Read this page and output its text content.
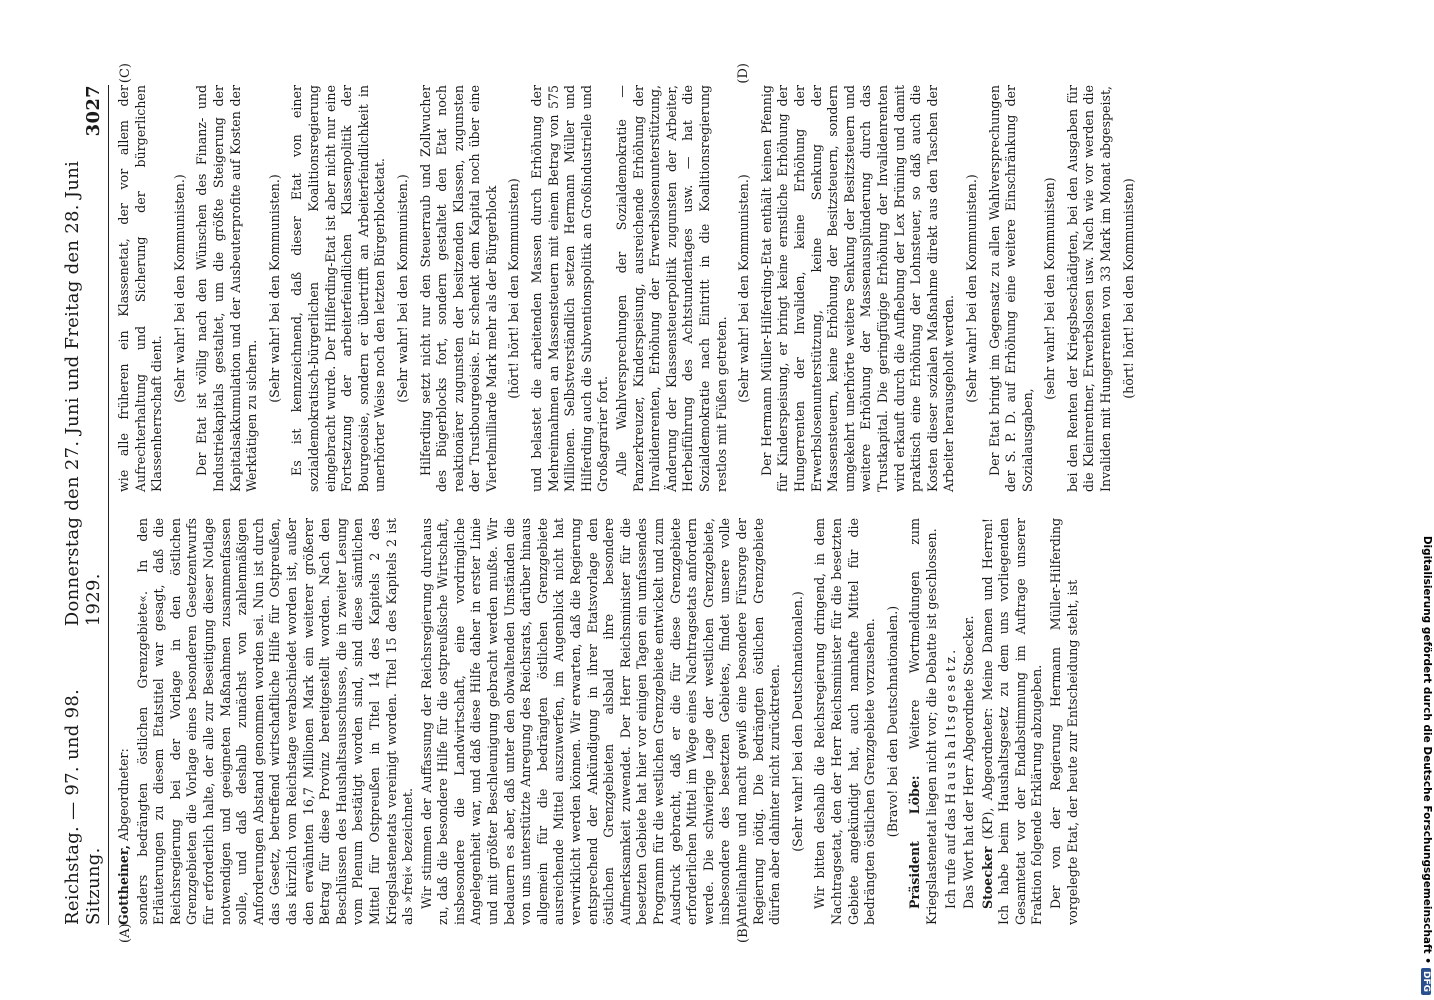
Reichstag. — 97. und 98. Sitzung.
Donnerstag den 27. Juni und Freitag den 28. Juni 1929.
3027
(A)	(B)

Gottheiner, Abgeordneter: sonders bedrängten östlichen Grenzgebiete«. In den Erläuterungen zu diesem Etatstitel war gesagt, daß die Reichsregierung bei der Vorlage in den östlichen Grenzgebieten die Vorlage eines besonderen Gesetzentwurfs für erforderlich halte, der alle zur Beseitigung dieser Notlage notwendigen und geeigneten Maßnahmen zusammenfassen solle, und daß deshalb zunächst von zahlenmäßigen Anforderungen Abstand genommen worden sei. Nun ist durch das Gesetz, betreffend wirtschaftliche Hilfe für Ostpreußen, das kürzlich vom Reichstage verabschiedet worden ist, außer den erwähnten 16,7 Millionen Mark ein weiterer größerer Betrag für diese Provinz bereitgestellt worden. Nach den Beschlüssen des Haushaltsausschusses, die in zweiter Lesung vom Plenum bestätigt worden sind, sind diese sämtlichen Mittel für Ostpreußen in Titel 14 des Kapitels 2 des Kriegslastenetats vereinigt worden. Titel 15 des Kapitels 2 ist als »frei« bezeichnet. Wir stimmen der Auffassung der Reichsregierung durchaus zu, daß die besondere Hilfe für die ostpreußische Wirtschaft, insbesondere die Landwirtschaft, eine vordringliche Angelegenheit war, und daß diese Hilfe daher in erster Linie und mit größter Beschleunigung gebracht werden mußte. Wir bedauern es aber, daß unter den obwaltenden Umständen die von uns unterstützte Anregung des Reichsrats, darüber hinaus allgemein für die bedrängten östlichen Grenzgebiete ausreichende Mittel auszuwerfen, im Augenblick nicht hat verwirklicht werden können. Wir erwarten, daß die Regierung entsprechend der Ankündigung in ihrer Etatsvorlage den östlichen Grenzgebieten alsbald ihre besondere Aufmerksamkeit zuwendet. Der Herr Reichsminister für die besetzten Gebiete hat hier vor einigen Tagen ein umfassendes Programm für die westlichen Grenzgebiete entwickelt und zum Ausdruck gebracht, daß er die für diese Grenzgebiete erforderlichen Mittel im Wege eines Nachtragsetats anfordern werde. Die schwierige Lage der westlichen Grenzgebiete, insbesondere des besetzten Gebietes, findet unsere volle Anteilnahme und macht gewiß eine besondere Fürsorge der Regierung nötig. Die bedrängten östlichen Grenzgebiete dürfen aber dahinter nicht zurücktreten. (Sehr wahr! bei den Deutschnationalen.) Wir bitten deshalb die Reichsregierung dringend, in dem Nachtragsetat, den der Herr Reichsminister für die besetzten Gebiete angekündigt hat, auch namhafte Mittel für die bedrängten östlichen Grenzgebiete vorzusehen. (Bravo! bei den Deutschnationalen.)

Präsident Löbe: Weitere Wortmeldungen zum Kriegslastenetat liegen nicht vor; die Debatte ist geschlossen. Ich rufe auf das Haushaltsgesetz. Das Wort hat der Herr Abgeordnete Stoecker. Stoecker (KP), Abgeordneter: Meine Damen und Herren! Ich habe beim Haushaltsgesetz zu dem uns vorliegenden Gesamtetat vor der Endabstimmung im Auftrage unserer Fraktion folgende Erklärung abzugeben. Der von der Regierung Hermann Müller-Hilferding vorgelegte Etat, der heute zur Entscheidung steht, ist

(C)	(D)

wie alle früheren ein Klassenetat, der vor allem der Aufrechterhaltung und Sicherung der bürgerlichen Klassenherrschaft dient.

(Sehr wahr! bei den Kommunisten.) Der Etat ist völlig nach den Wünschen des Finanz- und Industriekapitals gestaltet, um die größte Steigerung der Kapitalsakkumulation und der Ausbeuterprofite auf Kosten der Werktätigen zu sichern.

(Sehr wahr! bei den Kommunisten.) Es ist kennzeichnend, daß dieser Etat von einer sozialdemokratisch-bürgerlichen Koalitionsregierung eingebracht wurde. Der Hilferding-Etat ist aber nicht nur eine Fortsetzung der arbeiterfeindlichen Klassenpolitik der Bourgeoisie, sondern er übertrifft an Arbeiterfeindlichkeit in unerhörter Weise noch den letzten Bürgerblocketat. (Sehr wahr! bei den Kommunisten.) Hilferding setzt nicht nur den Steuerraub und Zollwucher des Bügerblocks fort, sondern gestaltet den Etat noch reaktionärer zugunsten der besitzenden Klassen, zugunsten der Trustbourgeoisie. Er schenkt dem Kapital noch über eine Viertelmilliarde Mark mehr als der Bürgerblock (hört! hört! bei den Kommunisten) und belastet die arbeitenden Massen durch Erhöhung der Mehreinnahmen an Massensteuern mit einem Betrag von 575 Millionen. Selbstverständlich setzen Hermann Müller und Hilferding auch die Subventionspolitik an Großindustrielle und Großagrarier fort. Alle Wahlversprechungen der Sozialdemokratie — Panzerkreuzer, Kinderspeisung, ausreichende Erhöhung der Invalidenrenten, Erhöhung der Erwerbslosenunterstützung, Änderung der Klassensteuerpolitik zugunsten der Arbeiter, Herbeiführung des Achtstundentages usw. — hat die Sozialdemokratie nach Eintritt in die Koalitionsregierung restlos mit Füßen getreten.

(Sehr wahr! bei den Kommunisten.) Der Hermann Müller-Hilferding-Etat enthält keinen Pfennig für Kinderspeisung, er bringt keine ernstliche Erhöhung der Hungerrenten der Invaliden, keine Erhöhung der Erwerbslosenunterstützung, keine Senkung der Massensteuern, keine Erhöhung der Besitzsteuern, sondern umgekehrt unerhörte weitere Senkung der Besitzsteuern und weitere Erhöhung der Massenausplünderung durch das Trustkapital. Die geringfügige Erhöhung der Invalidenrenten wird erkauft durch die Aufhebung der Lex Brüning und damit praktisch eine Erhöhung der Lohnsteuer, so daß auch die Kosten dieser sozialen Maßnahme direkt aus den Taschen der Arbeiter herausgeholt werden. (Sehr wahr! bei den Kommunisten.) Der Etat bringt im Gegensatz zu allen Wahlversprechungen der S. P. D. auf Erhöhung eine weitere Einschränkung der Sozialausgaben,

(sehr wahr! bei den Kommunisten) bei den Renten der Kriegsbeschädigten, bei den Ausgaben für die Kleinrentner, Erwerbslosen usw. Nach wie vor werden die Invaliden mit Hungerrenten von 33 Mark im Monat abgespeist, (hört! hört! bei den Kommunisten)

Digitalisierung gefördert durch die Deutsche Forschungsgemeinschaft •DFG
